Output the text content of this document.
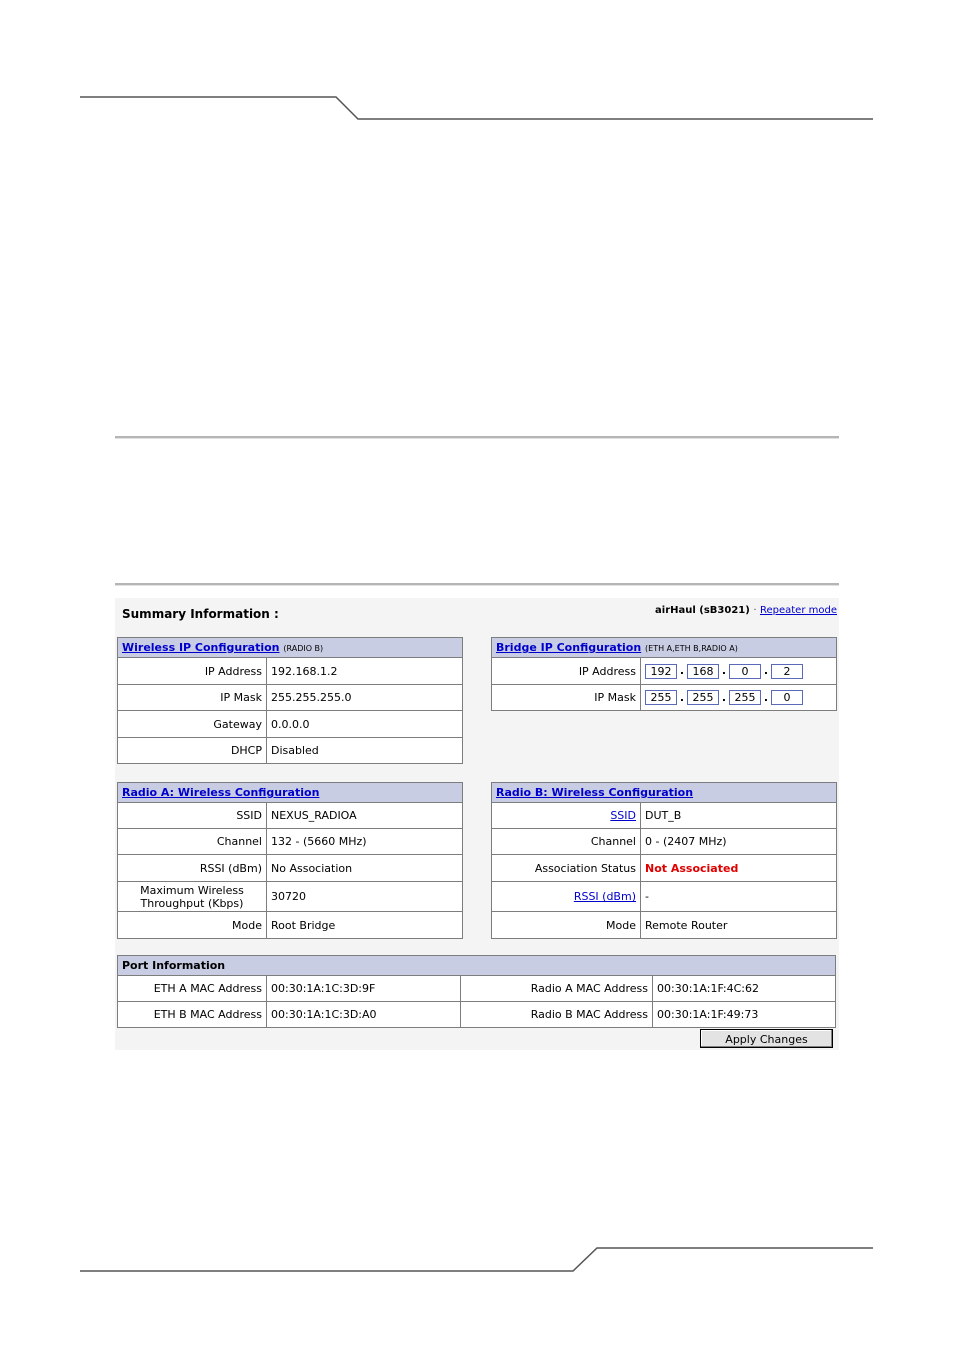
Summary Information :	airHaul (sB3021) · Repeater mode
Wireless IP Configuration (RADIO B)	
IP Address	192.168.1.2
IP Mask	255.255.255.0
Gateway	0.0.0.0
DHCP	Disabled
Bridge IP Configuration (ETH A,ETH B,RADIO A)	
IP Address	192 . 168 . 0 . 2
IP Mask	255 . 255 . 255 . 0
Radio A: Wireless Configuration	
SSID	NEXUS_RADIOA
Channel	132 - (5660 MHz)
RSSI (dBm)	No Association
Maximum Wireless
Throughput (Kbps)	30720
Mode	Root Bridge
Radio B: Wireless Configuration	
SSID	DUT_B
Channel	0 - (2407 MHz)
Association Status	Not Associated
RSSI (dBm)	-
Mode	Remote Router
Port Information			
ETH A MAC Address	00:30:1A:1C:3D:9F	Radio A MAC Address	00:30:1A:1F:4C:62
ETH B MAC Address	00:30:1A:1C:3D:A0	Radio B MAC Address	00:30:1A:1F:49:73
Apply Changes
